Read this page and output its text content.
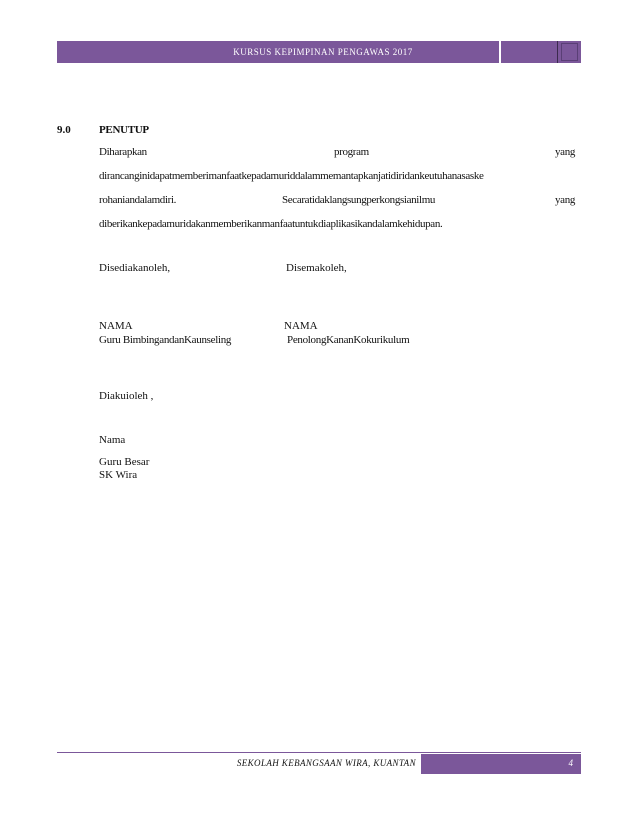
KURSUS KEPIMPINAN PENGAWAS 2017
9.0	PENUTUP
Diharapkan	program	yang
dirancanginidapatmemberimanfaatkepadamuriddalammemantapkanjatidiridankeutuhanasaske
rohaniandalamdiri.	Secaratidaklangsungperkongsianilmu	yang
diberikankepadamuridakanmemberikanmanfaatuntukdiaplikasikandalamkehidupan.
Disediakanoleh,	Disemakoleh,
NAMA	NAMA
Guru BimbingandanKaunseling	PenolongKananKokurikulum
Diakuioleh ,
Nama
Guru Besar
SK Wira
SEKOLAH KEBANGSAAN WIRA, KUANTAN	4
